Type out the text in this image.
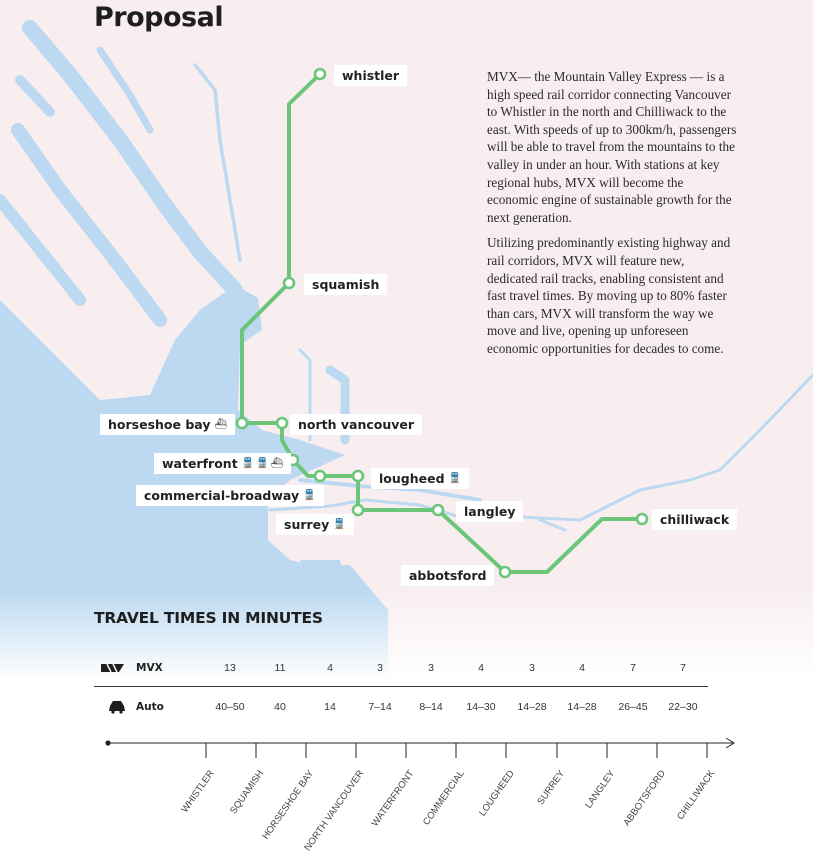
Proposal

MVX— the Mountain Valley Express — is a high speed rail corridor connecting Vancouver to Whistler in the north and Chilliwack to the east. With speeds of up to 300km/h, passengers will be able to travel from the mountains to the valley in under an hour. With stations at key regional hubs, MVX will become the economic engine of sustainable growth for the next generation.

Utilizing predominantly existing highway and rail corridors, MVX will feature new, dedicated rail tracks, enabling consistent and fast travel times. By moving up to 80% faster than cars, MVX will transform the way we move and live, opening up unforeseen economic opportunities for decades to come.

whistler
squamish
horseshoe bay ⛴	north vancouver
waterfront 🚆 🚆 ⛴
lougheed 🚆
commercial-broadway 🚆
surrey 🚆
langley
abbotsford
chilliwack
TRAVEL TIMES IN MINUTES
MVX
Auto
13	11	4	3	3	4	3	4	7	7
40–50	40	14	7–14	8–14 14–30 14–28 14–28 26–45 22–30
WHISTLER SQUAMISH
HORSESHOE BAY
NORTH VANCOUVER WATERFRONT COMMERCIAL LOUGHEED SURREY LANGLEY ABBOTSFORD CHILLIWACK
